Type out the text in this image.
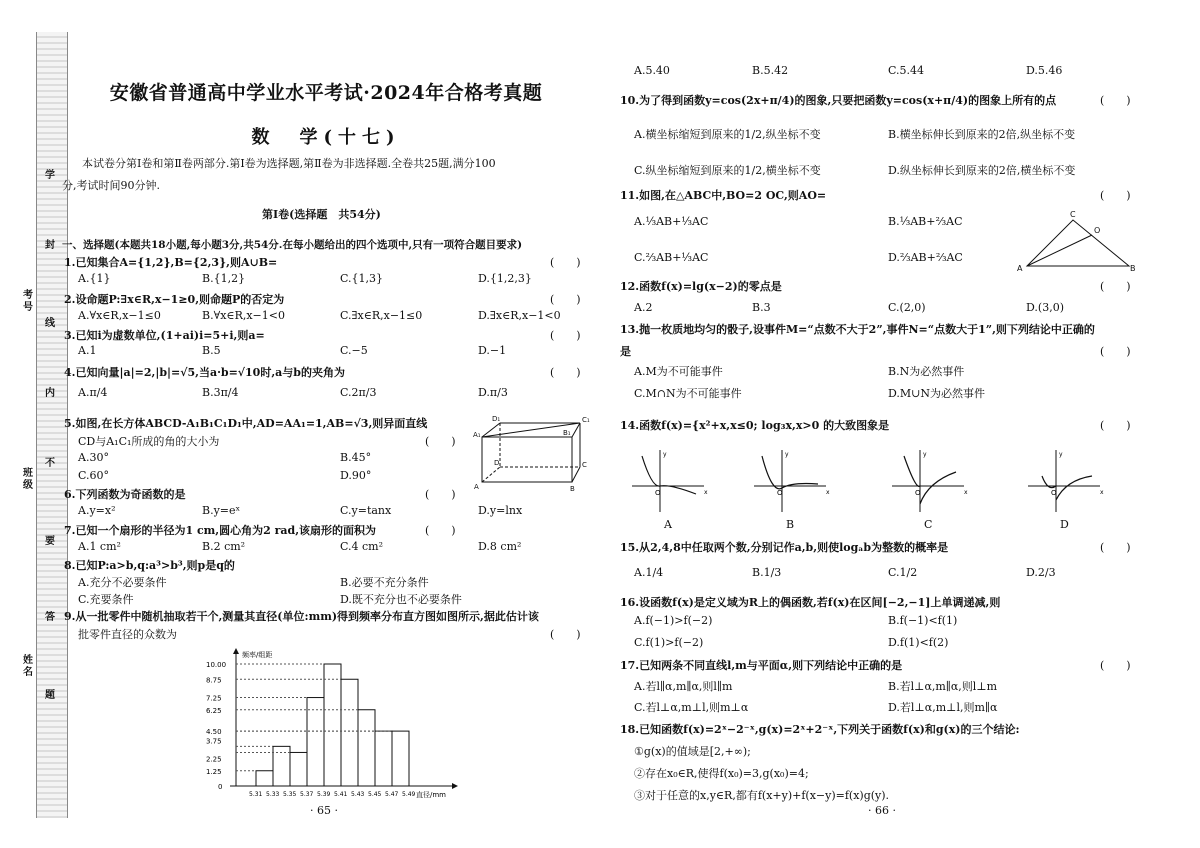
学
考号
封
线
内
不
班级
要
答
姓名
题
安徽省普通高中学业水平考试·2024年合格考真题
数　学(十七)
本试卷分第Ⅰ卷和第Ⅱ卷两部分.第Ⅰ卷为选择题,第Ⅱ卷为非选择题.全卷共25题,满分100
分,考试时间90分钟.
第Ⅰ卷(选择题　共54分)
一、选择题(本题共18小题,每小题3分,共54分.在每小题给出的四个选项中,只有一项符合题目要求)
1.已知集合A={1,2},B={2,3},则A∪B=	(　　)
A.{1}	B.{1,2}	C.{1,3}	D.{1,2,3}
2.设命题P:∃x∈R,x−1≥0,则命题P的否定为	(　　)
A.∀x∈R,x−1≤0	B.∀x∈R,x−1<0	C.∃x∈R,x−1≤0	D.∃x∈R,x−1<0
3.已知i为虚数单位,(1+ai)i=5+i,则a=	(　　)
A.1	B.5	C.−5	D.−1
4.已知向量|a|=2,|b|=√5,当a·b=√10时,a与b的夹角为	(　　)
A.π/4	B.3π/4	C.2π/3	D.π/3
5.如图,在长方体ABCD-A₁B₁C₁D₁中,AD=AA₁=1,AB=√3,则异面直线
CD与A₁C₁所成的角的大小为	(　　)
A.30°	B.45°
C.60°	D.90°
6.下列函数为奇函数的是	(　　)
A.y=x²	B.y=eˣ	C.y=tanx	D.y=lnx
7.已知一个扇形的半径为1 cm,圆心角为2 rad,该扇形的面积为	(　　)
A.1 cm²	B.2 cm²	C.4 cm²	D.8 cm²
8.已知P:a>b,q:a³>b³,则p是q的
A.充分不必要条件	B.必要不充分条件
C.充要条件	D.既不充分也不必要条件
9.从一批零件中随机抽取若干个,测量其直径(单位:mm)得到频率分布直方图如图所示,据此估计该
批零件直径的众数为	(　　)
D₁	C₁
A₁	B₁
D	C
A	B
频率/组距
直径/mm
0
1.25
2.25
3.75
4.50
6.25
7.25
8.75
10.00
5.31 5.33 5.35 5.37 5.39 5.41 5.43 5.45 5.47 5.49
· 65 ·
A.5.40	B.5.42	C.5.44	D.5.46
10.为了得到函数y=cos(2x+π/4)的图象,只要把函数y=cos(x+π/4)的图象上所有的点	(　　)
A.横坐标缩短到原来的1/2,纵坐标不变	B.横坐标伸长到原来的2倍,纵坐标不变
C.纵坐标缩短到原来的1/2,横坐标不变	D.纵坐标伸长到原来的2倍,横坐标不变
11.如图,在△ABC中,BO=2 OC,则AO=	(　　)
A.⅓AB+⅓AC	B.⅓AB+⅔AC
C.⅔AB+⅓AC	D.⅔AB+⅔AC
12.函数f(x)=lg(x−2)的零点是	(　　)
A.2	B.3	C.(2,0)	D.(3,0)
13.抛一枚质地均匀的骰子,设事件M=“点数不大于2”,事件N=“点数大于1”,则下列结论中正确的
是	(　　)
A.M为不可能事件	B.N为必然事件
C.M∩N为不可能事件	D.M∪N为必然事件
14.函数f(x)={x²+x,x≤0; log₃x,x>0 的大致图象是	(　　)
15.从2,4,8中任取两个数,分别记作a,b,则使logₐb为整数的概率是	(　　)
A.1/4	B.1/3	C.1/2	D.2/3
16.设函数f(x)是定义域为R上的偶函数,若f(x)在区间[−2,−1]上单调递减,则
A.f(−1)>f(−2)	B.f(−1)<f(1)
C.f(1)>f(−2)	D.f(1)<f(2)
17.已知两条不同直线l,m与平面α,则下列结论中正确的是	(　　)
A.若l∥α,m∥α,则l∥m	B.若l⊥α,m∥α,则l⊥m
C.若l⊥α,m⊥l,则m⊥α	D.若l⊥α,m⊥l,则m∥α
18.已知函数f(x)=2ˣ−2⁻ˣ,g(x)=2ˣ+2⁻ˣ,下列关于函数f(x)和g(x)的三个结论:
①g(x)的值域是[2,+∞);
②存在x₀∈R,使得f(x₀)=3,g(x₀)=4;
③对于任意的x,y∈R,都有f(x+y)+f(x−y)=f(x)g(y).
A
C
O
B
O	x
y
A
O	x
y
B
O	x
y
C
O	x
y
D
· 66 ·
